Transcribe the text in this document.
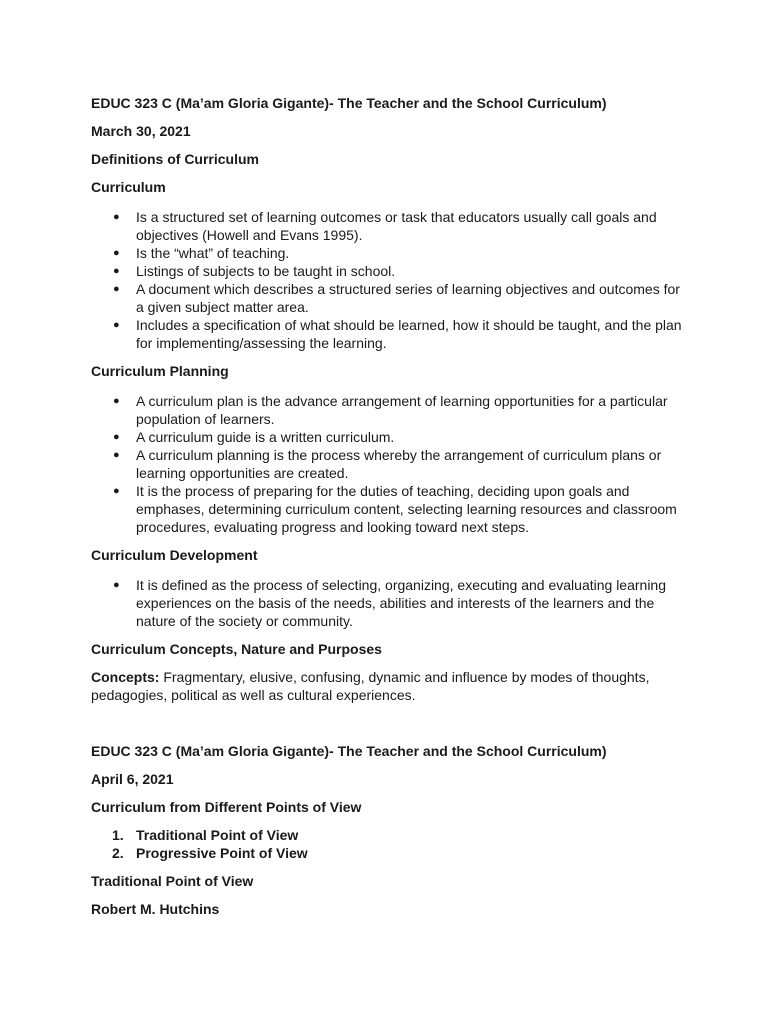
EDUC 323 C (Ma’am Gloria Gigante)- The Teacher and the School Curriculum)

March 30, 2021

Definitions of Curriculum

Curriculum

● Is a structured set of learning outcomes or task that educators usually call goals and objectives (Howell and Evans 1995).
● Is the “what” of teaching.
● Listings of subjects to be taught in school.
● A document which describes a structured series of learning objectives and outcomes for a given subject matter area.
● Includes a specification of what should be learned, how it should be taught, and the plan for implementing/assessing the learning.

Curriculum Planning

● A curriculum plan is the advance arrangement of learning opportunities for a particular population of learners.
● A curriculum guide is a written curriculum.
● A curriculum planning is the process whereby the arrangement of curriculum plans or learning opportunities are created.
● It is the process of preparing for the duties of teaching, deciding upon goals and emphases, determining curriculum content, selecting learning resources and classroom procedures, evaluating progress and looking toward next steps.

Curriculum Development

● It is defined as the process of selecting, organizing, executing and evaluating learning experiences on the basis of the needs, abilities and interests of the learners and the nature of the society or community.

Curriculum Concepts, Nature and Purposes

Concepts: Fragmentary, elusive, confusing, dynamic and influence by modes of thoughts, pedagogies, political as well as cultural experiences.

EDUC 323 C (Ma’am Gloria Gigante)- The Teacher and the School Curriculum)

April 6, 2021

Curriculum from Different Points of View

1. Traditional Point of View
2. Progressive Point of View

Traditional Point of View

Robert M. Hutchins
